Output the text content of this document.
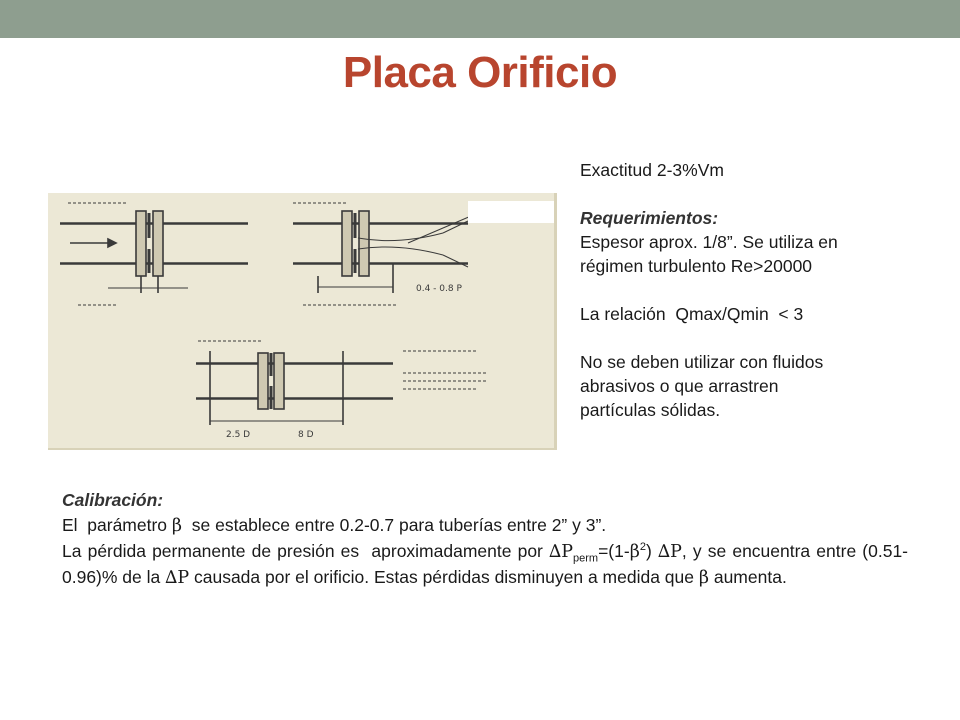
Placa Orificio
0.4 - 0.8 P
2.5 D	8 D

Exactitud 2-3%Vm

Requerimientos:

Espesor aprox. 1/8”. Se utiliza en

régimen turbulento Re>20000

La relación  Qmax/Qmin  < 3

No se deben utilizar con fluidos

abrasivos o que arrastren

partículas sólidas.

Calibración:

El  parámetro β  se establece entre 0.2-0.7 para tuberías entre 2” y 3”.

La pérdida permanente de presión es  aproximadamente por $\Delta P_{perm}=(1-\beta^2)$ ∆P, y se encuentra entre (0.51-0.96)% de la ∆P causada por el orificio. Estas pérdidas disminuyen a medida que β aumenta.
